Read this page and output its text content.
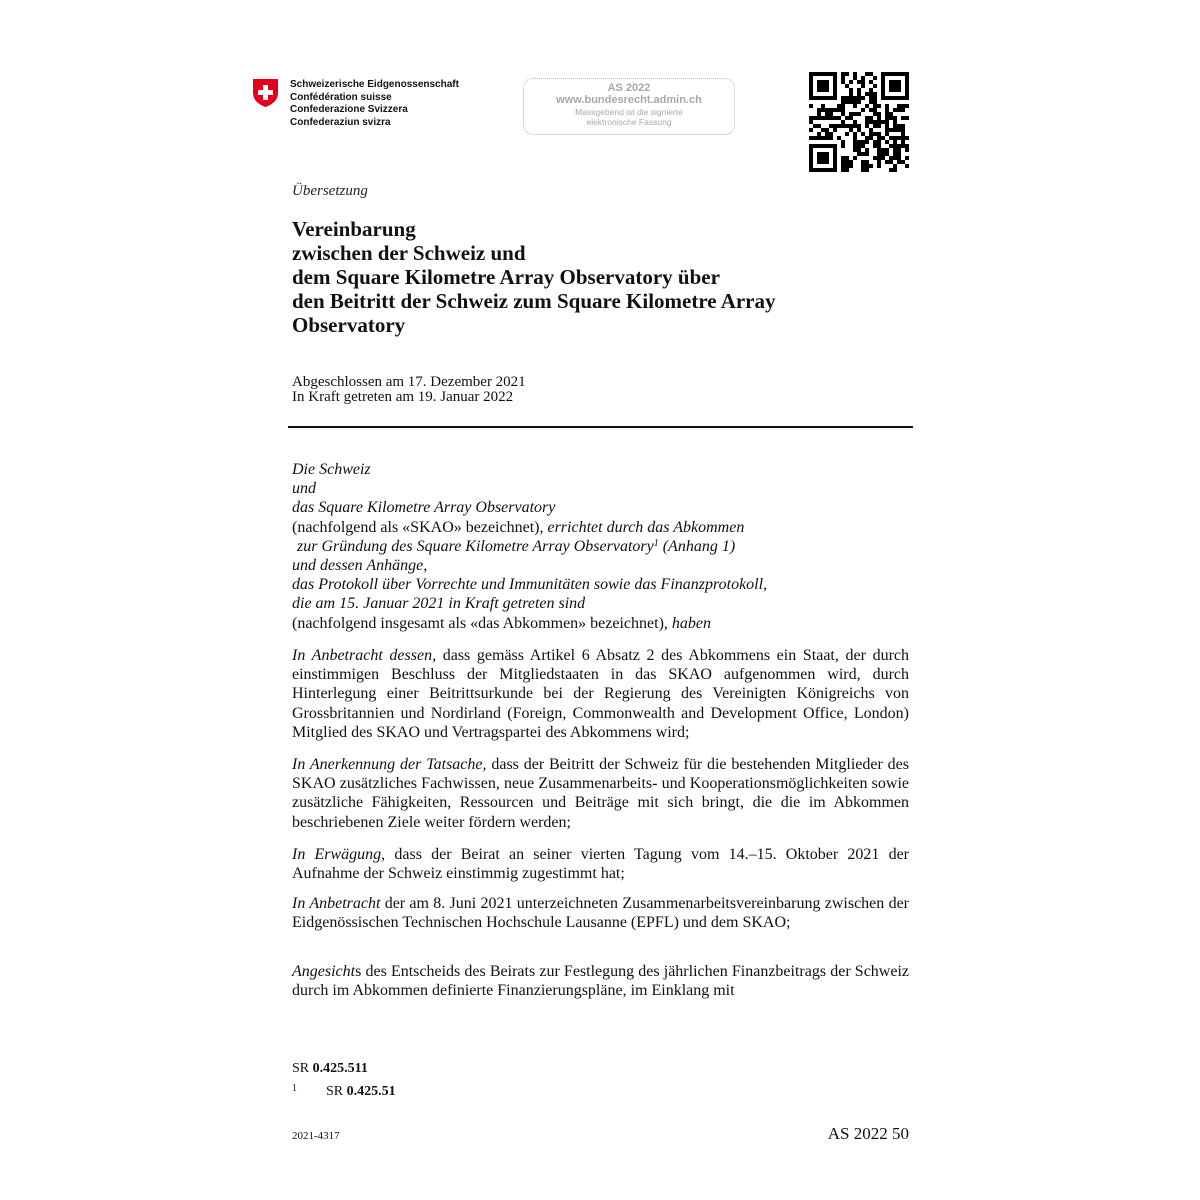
Schweizerische Eidgenossenschaft
Confédération suisse
Confederazione Svizzera
Confederaziun svizra
AS 2022
www.bundesrecht.admin.ch
Massgebend ist die signierte
elektronische Fassung
Übersetzung
Vereinbarung
zwischen der Schweiz und
dem Square Kilometre Array Observatory über
den Beitritt der Schweiz zum Square Kilometre Array
Observatory
Abgeschlossen am 17. Dezember 2021
In Kraft getreten am 19. Januar 2022
Die Schweiz
und
das Square Kilometre Array Observatory
(nachfolgend als «SKAO» bezeichnet), errichtet durch das Abkommen
zur Gründung des Square Kilometre Array Observatory$^1$ (Anhang 1)
und dessen Anhänge,
das Protokoll über Vorrechte und Immunitäten sowie das Finanzprotokoll,
die am 15. Januar 2021 in Kraft getreten sind
(nachfolgend insgesamt als «das Abkommen» bezeichnet), haben

In Anbetracht dessen, dass gemäss Artikel 6 Absatz 2 des Abkommens ein Staat, der durch einstimmigen Beschluss der Mitgliedstaaten in das SKAO aufgenommen wird, durch Hinterlegung einer Beitrittsurkunde bei der Regierung des Vereinigten Königreichs von Grossbritannien und Nordirland (Foreign, Commonwealth and Development Office, London) Mitglied des SKAO und Vertragspartei des Abkommens wird;

In Anerkennung der Tatsache, dass der Beitritt der Schweiz für die bestehenden Mitglieder des SKAO zusätzliches Fachwissen, neue Zusammenarbeits- und Kooperationsmöglichkeiten sowie zusätzliche Fähigkeiten, Ressourcen und Beiträge mit sich bringt, die die im Abkommen beschriebenen Ziele weiter fördern werden;

In Erwägung, dass der Beirat an seiner vierten Tagung vom 14.–15. Oktober 2021 der Aufnahme der Schweiz einstimmig zugestimmt hat;

In Anbetracht der am 8. Juni 2021 unterzeichneten Zusammenarbeitsvereinbarung zwischen der Eidgenössischen Technischen Hochschule Lausanne (EPFL) und dem SKAO;

Angesichts des Entscheids des Beirats zur Festlegung des jährlichen Finanzbeitrags der Schweiz durch im Abkommen definierte Finanzierungspläne, im Einklang mit

SR 0.425.511
1 SR 0.425.51
2021-4317	AS 2022 50
